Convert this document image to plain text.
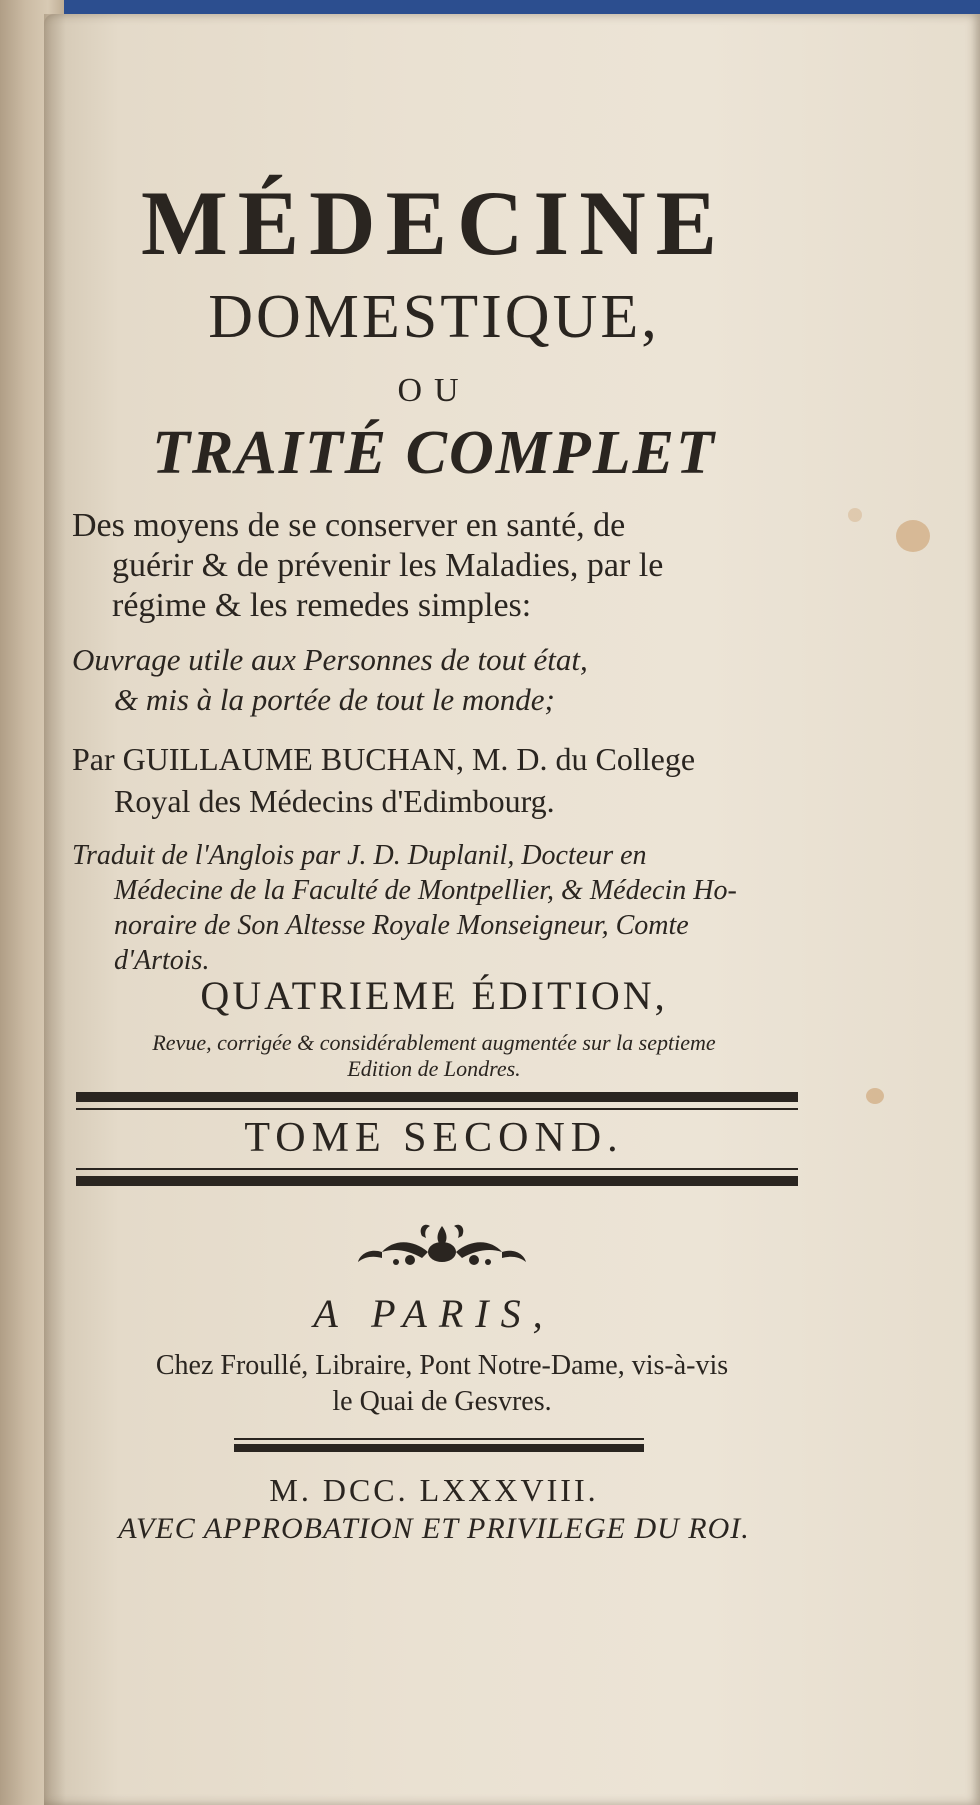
MÉDECINE

DOMESTIQUE,

OU

TRAITÉ COMPLET

Des moyens de se conserver en santé, de
guérir & de prévenir les Maladies, par le
régime & les remedes simples:
Ouvrage utile aux Personnes de tout état,
& mis à la portée de tout le monde;
Par GUILLAUME BUCHAN, M. D. du College
Royal des Médecins d'Edimbourg.
Traduit de l'Anglois par J. D. Duplanil, Docteur en
Médecine de la Faculté de Montpellier, & Médecin Ho-
noraire de Son Altesse Royale Monseigneur, Comte
d'Artois.

QUATRIEME ÉDITION,

Revue, corrigée & considérablement augmentée sur la septieme
Edition de Londres.

TOME SECOND.

A PARIS,

Chez Froullé, Libraire, Pont Notre-Dame, vis-à-vis
le Quai de Gesvres.

M. DCC. LXXXVIII.

AVEC APPROBATION ET PRIVILEGE DU ROI.
